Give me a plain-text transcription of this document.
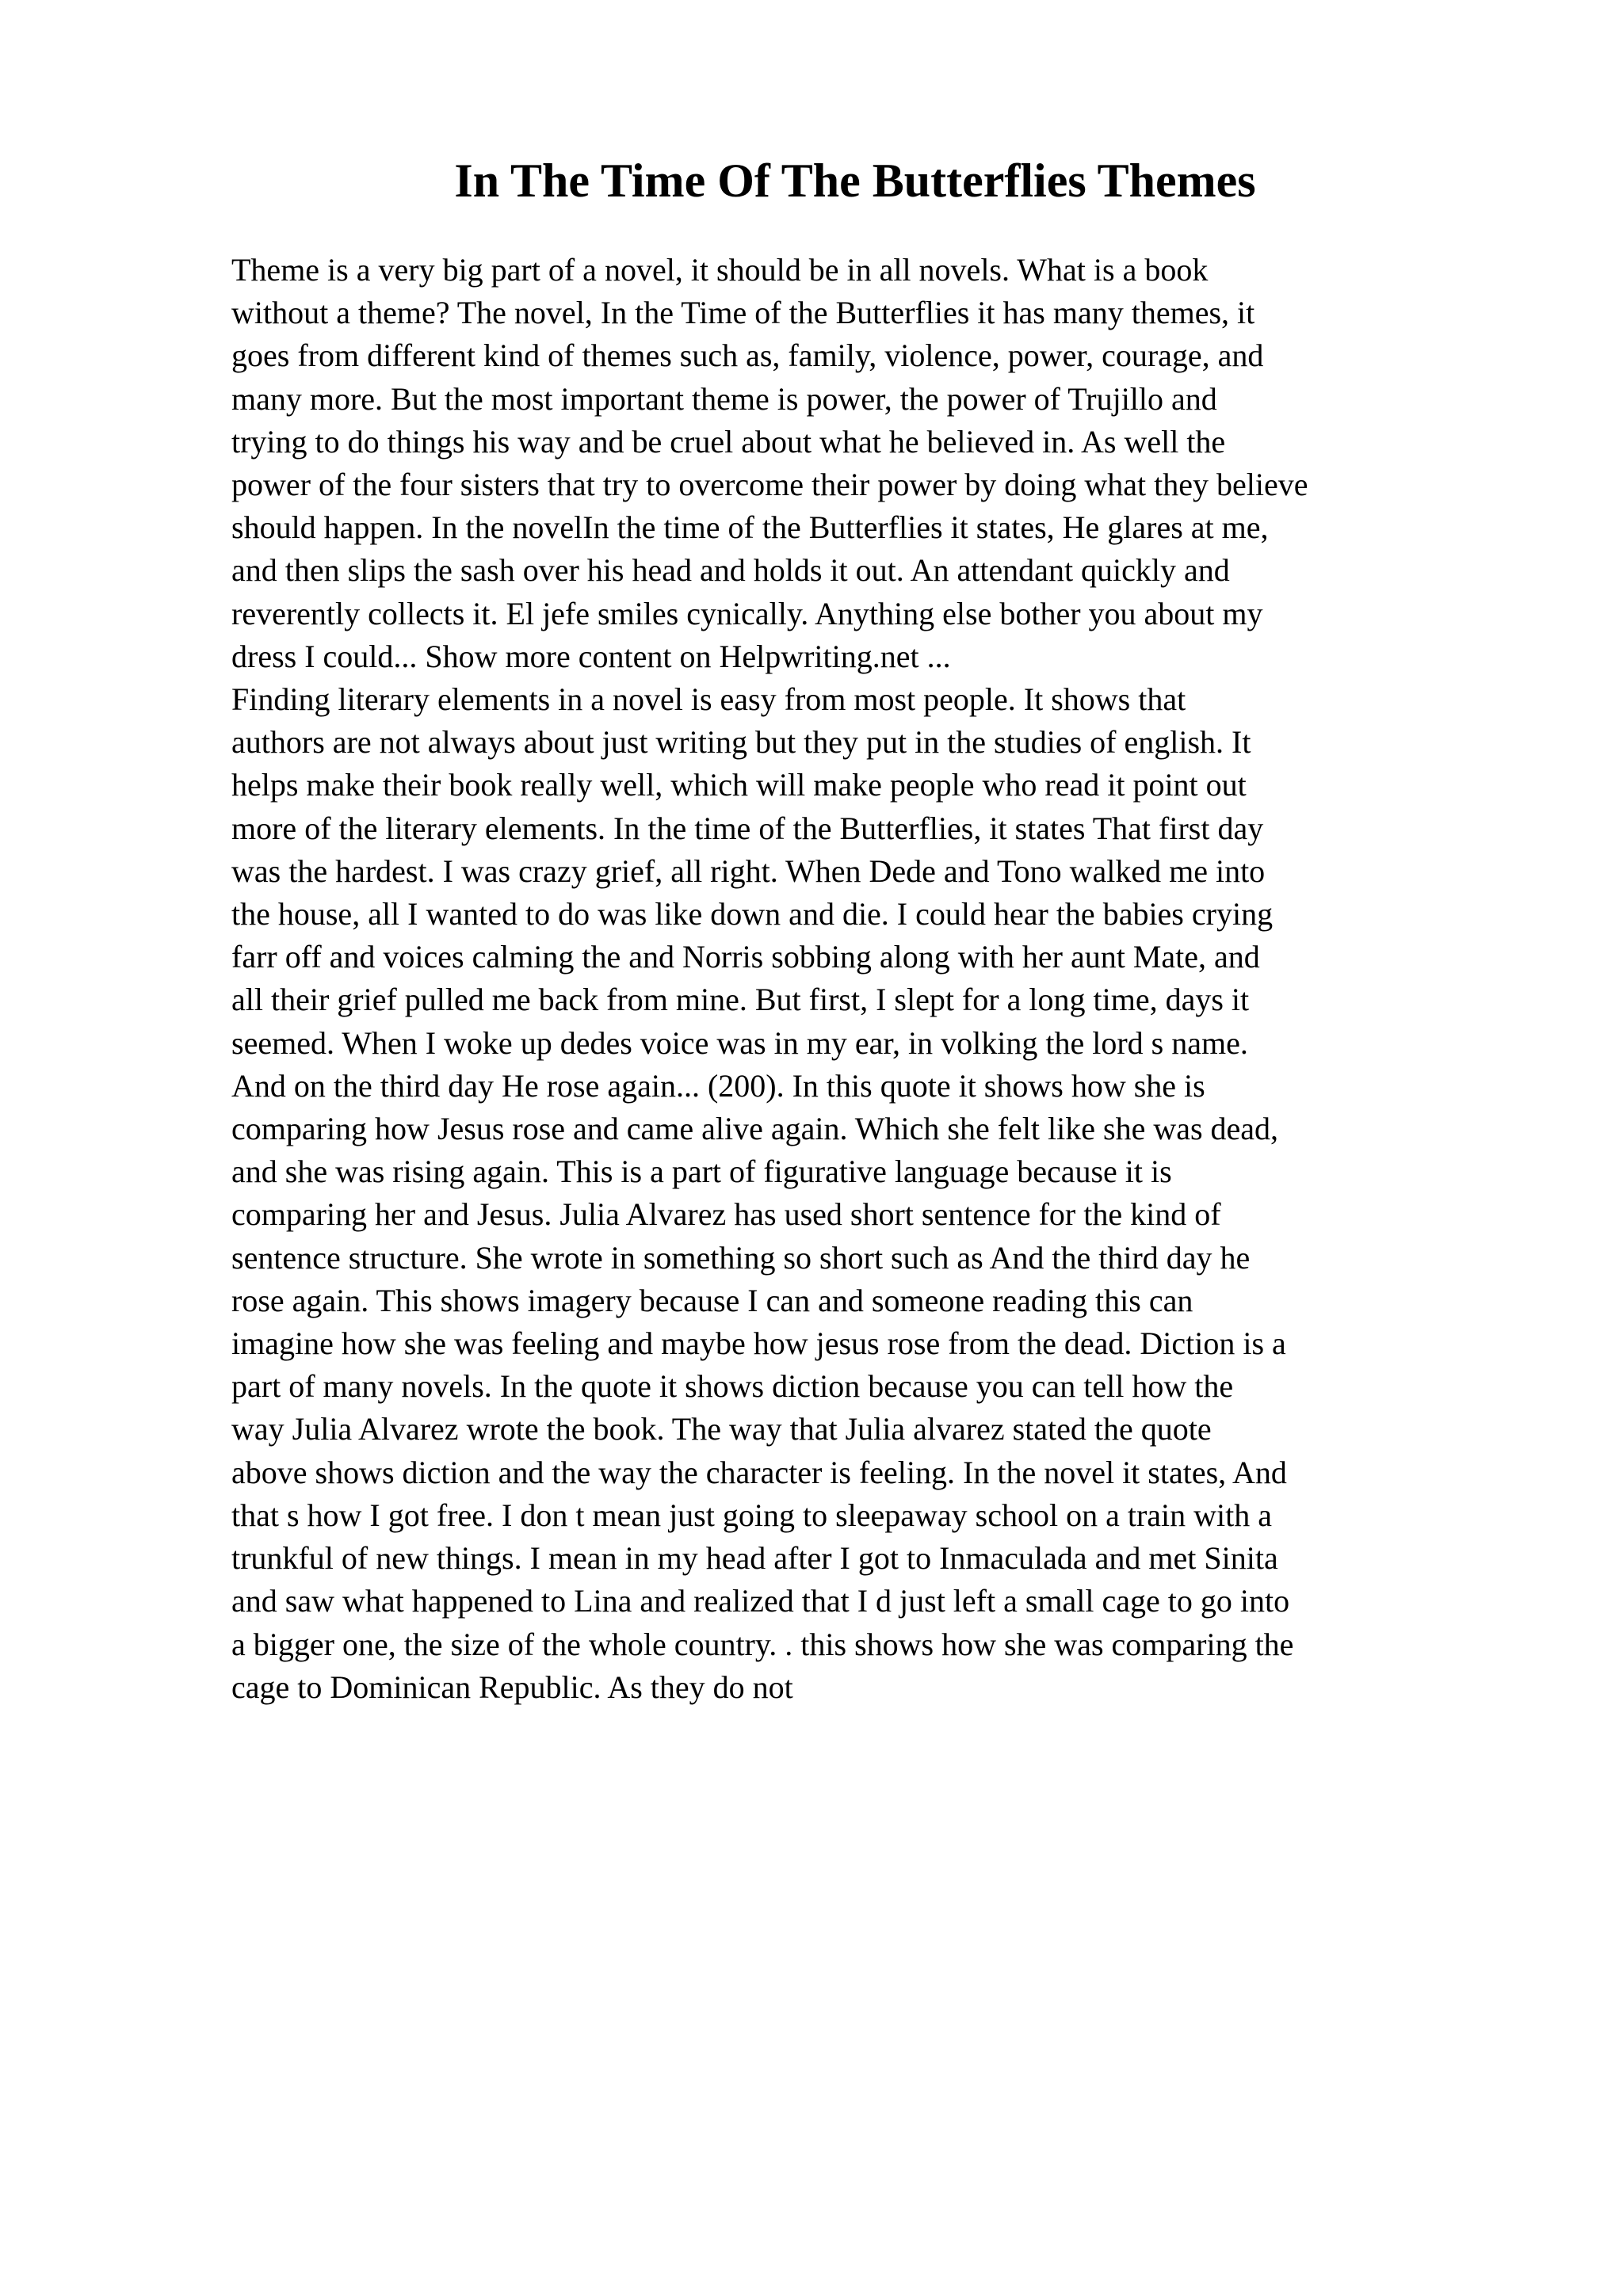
In The Time Of The Butterflies Themes
Theme is a very big part of a novel, it should be in all novels. What is a book
without a theme? The novel, In the Time of the Butterflies it has many themes, it
goes from different kind of themes such as, family, violence, power, courage, and
many more. But the most important theme is power, the power of Trujillo and
trying to do things his way and be cruel about what he believed in. As well the
power of the four sisters that try to overcome their power by doing what they believe
should happen. In the novelIn the time of the Butterflies it states, He glares at me,
and then slips the sash over his head and holds it out. An attendant quickly and
reverently collects it. El jefe smiles cynically. Anything else bother you about my
dress I could... Show more content on Helpwriting.net ...
Finding literary elements in a novel is easy from most people. It shows that
authors are not always about just writing but they put in the studies of english. It
helps make their book really well, which will make people who read it point out
more of the literary elements. In the time of the Butterflies, it states That first day
was the hardest. I was crazy grief, all right. When Dede and Tono walked me into
the house, all I wanted to do was like down and die. I could hear the babies crying
farr off and voices calming the and Norris sobbing along with her aunt Mate, and
all their grief pulled me back from mine. But first, I slept for a long time, days it
seemed. When I woke up dedes voice was in my ear, in volking the lord s name.
And on the third day He rose again... (200). In this quote it shows how she is
comparing how Jesus rose and came alive again. Which she felt like she was dead,
and she was rising again. This is a part of figurative language because it is
comparing her and Jesus. Julia Alvarez has used short sentence for the kind of
sentence structure. She wrote in something so short such as And the third day he
rose again. This shows imagery because I can and someone reading this can
imagine how she was feeling and maybe how jesus rose from the dead. Diction is a
part of many novels. In the quote it shows diction because you can tell how the
way Julia Alvarez wrote the book. The way that Julia alvarez stated the quote
above shows diction and the way the character is feeling. In the novel it states, And
that s how I got free. I don t mean just going to sleepaway school on a train with a
trunkful of new things. I mean in my head after I got to Inmaculada and met Sinita
and saw what happened to Lina and realized that I d just left a small cage to go into
a bigger one, the size of the whole country. . this shows how she was comparing the
cage to Dominican Republic. As they do not
